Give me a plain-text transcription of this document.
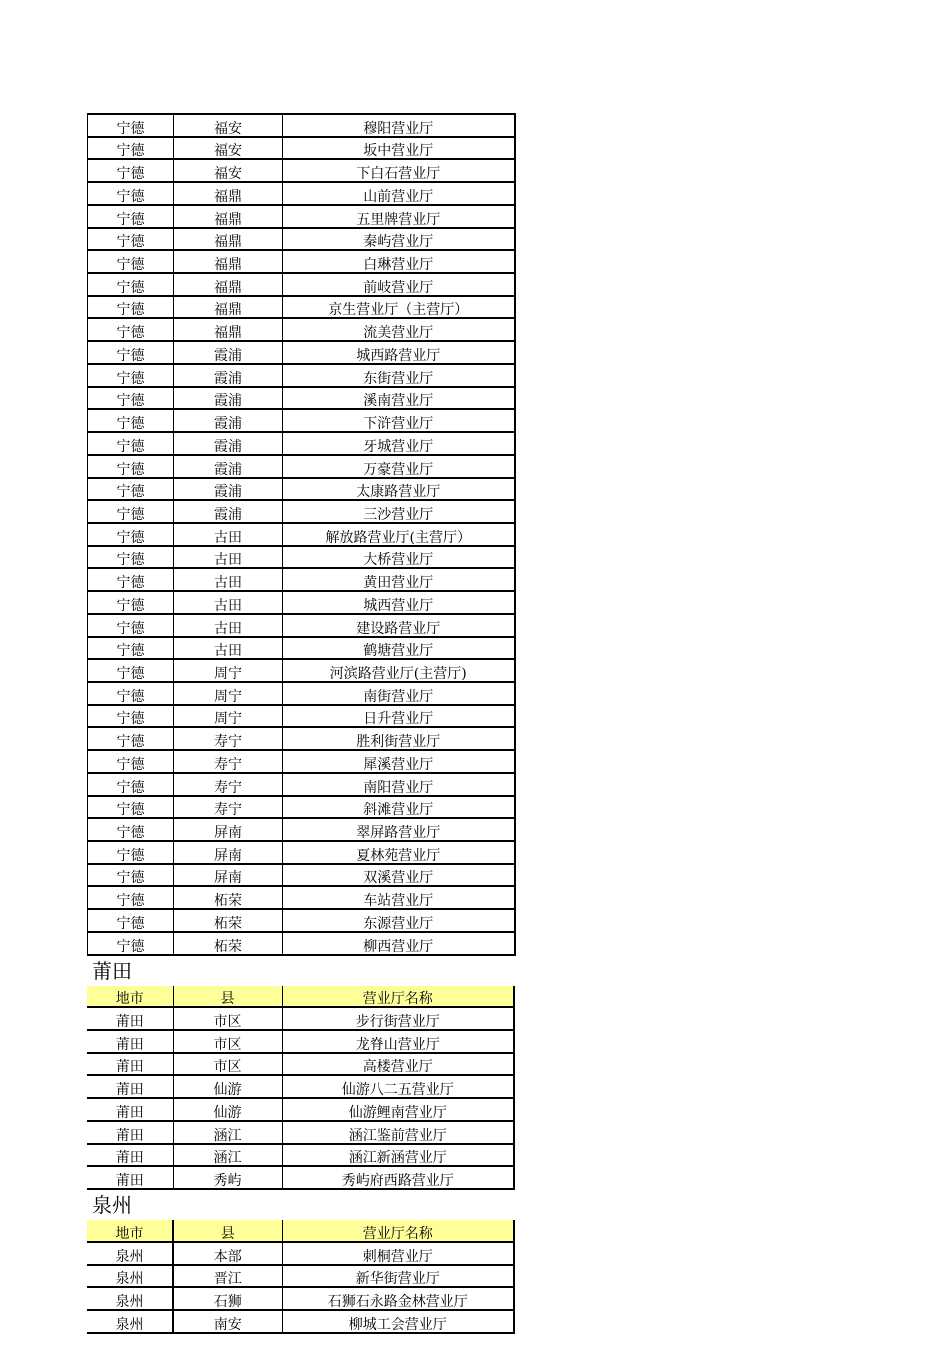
宁德	福安	穆阳营业厅
宁德	福安	坂中营业厅
宁德	福安	下白石营业厅
宁德	福鼎	山前营业厅
宁德	福鼎	五里牌营业厅
宁德	福鼎	秦屿营业厅
宁德	福鼎	白琳营业厅
宁德	福鼎	前岐营业厅
宁德	福鼎	京生营业厅（主营厅）
宁德	福鼎	流美营业厅
宁德	霞浦	城西路营业厅
宁德	霞浦	东街营业厅
宁德	霞浦	溪南营业厅
宁德	霞浦	下浒营业厅
宁德	霞浦	牙城营业厅
宁德	霞浦	万豪营业厅
宁德	霞浦	太康路营业厅
宁德	霞浦	三沙营业厅
宁德	古田	解放路营业厅(主营厅）
宁德	古田	大桥营业厅
宁德	古田	黄田营业厅
宁德	古田	城西营业厅
宁德	古田	建设路营业厅
宁德	古田	鹤塘营业厅
宁德	周宁	河滨路营业厅(主营厅)
宁德	周宁	南街营业厅
宁德	周宁	日升营业厅
宁德	寿宁	胜利街营业厅
宁德	寿宁	犀溪营业厅
宁德	寿宁	南阳营业厅
宁德	寿宁	斜滩营业厅
宁德	屏南	翠屏路营业厅
宁德	屏南	夏林苑营业厅
宁德	屏南	双溪营业厅
宁德	柘荣	车站营业厅
宁德	柘荣	东源营业厅
宁德	柘荣	柳西营业厅
莆田
地市	县	营业厅名称
莆田	市区	步行街营业厅
莆田	市区	龙脊山营业厅
莆田	市区	高楼营业厅
莆田	仙游	仙游八二五营业厅
莆田	仙游	仙游鲤南营业厅
莆田	涵江	涵江鉴前营业厅
莆田	涵江	涵江新涵营业厅
莆田	秀屿	秀屿府西路营业厅
泉州
地市	县	营业厅名称
泉州	本部	刺桐营业厅
泉州	晋江	新华街营业厅
泉州	石狮	石狮石永路金林营业厅
泉州	南安	柳城工会营业厅
